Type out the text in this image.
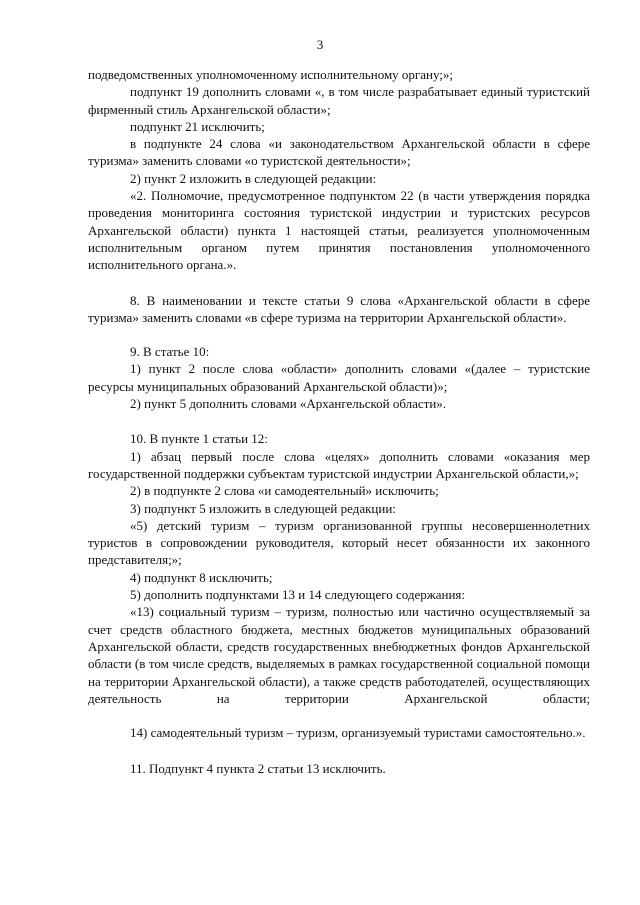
3

подведомственных уполномоченному исполнительному органу;»;

подпункт 19 дополнить словами «, в том числе разрабатывает единый туристский фирменный стиль Архангельской области»;

подпункт 21 исключить;

в подпункте 24 слова «и законодательством Архангельской области в сфере туризма» заменить словами «о туристской деятельности»;

2) пункт 2 изложить в следующей редакции:

«2. Полномочие, предусмотренное подпунктом 22 (в части утверждения порядка проведения мониторинга состояния туристской индустрии и туристских ресурсов Архангельской области) пункта 1 настоящей статьи, реализуется уполномоченным исполнительным органом путем принятия постановления уполномоченного исполнительного органа.».

8. В наименовании и тексте статьи 9 слова «Архангельской области в сфере туризма» заменить словами «в сфере туризма на территории Архангельской области».

9. В статье 10:

1) пункт 2 после слова «области» дополнить словами «(далее – туристские ресурсы муниципальных образований Архангельской области)»;

2) пункт 5 дополнить словами «Архангельской области».

10. В пункте 1 статьи 12:

1) абзац первый после слова «целях» дополнить словами «оказания мер государственной поддержки субъектам туристской индустрии Архангельской области,»;

2) в подпункте 2 слова «и самодеятельный» исключить;

3) подпункт 5 изложить в следующей редакции:

«5) детский туризм – туризм организованной группы несовершеннолетних туристов в сопровождении руководителя, который несет обязанности их законного представителя;»;

4) подпункт 8 исключить;

5) дополнить подпунктами 13 и 14 следующего содержания:

«13) социальный туризм – туризм, полностью или частично осуществляемый за счет средств областного бюджета, местных бюджетов муниципальных образований Архангельской области, средств государственных внебюджетных фондов Архангельской области (в том числе средств, выделяемых в рамках государственной социальной помощи на территории Архангельской области), а также средств работодателей, осуществляющих деятельность на территории Архангельской области;

14) самодеятельный туризм – туризм, организуемый туристами самостоятельно.».

11. Подпункт 4 пункта 2 статьи 13 исключить.
